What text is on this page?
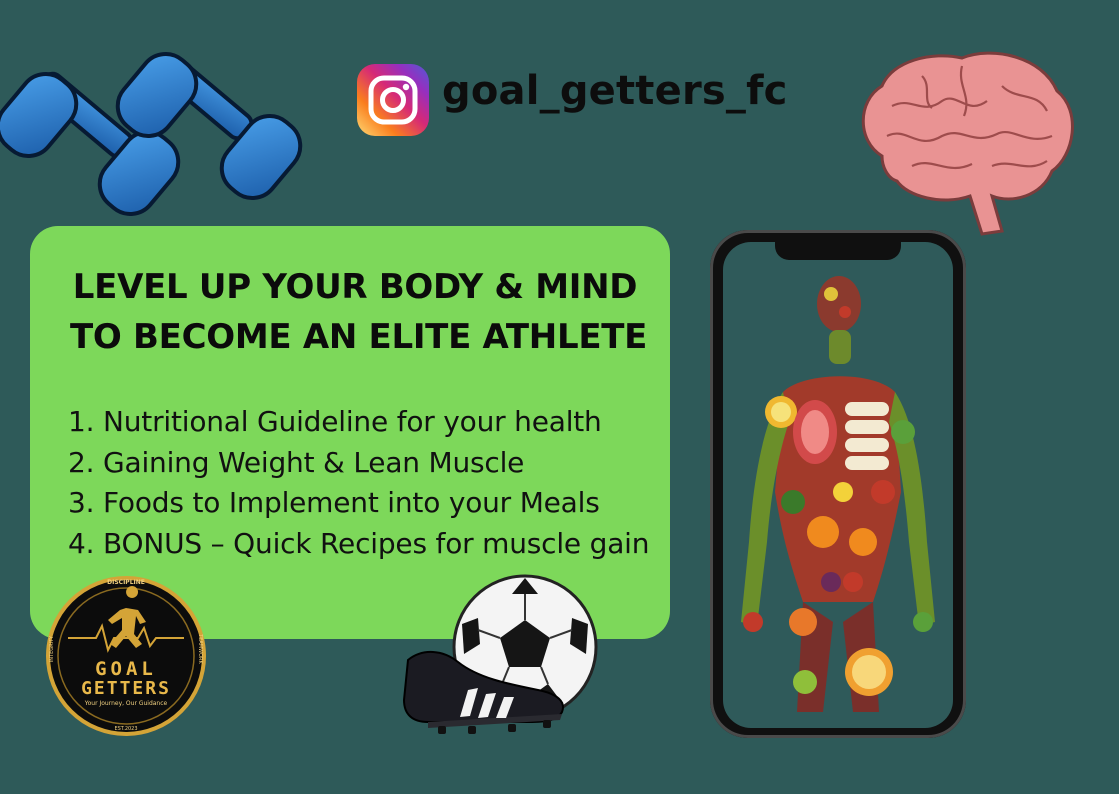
goal_getters_fc
LEVEL UP YOUR BODY & MIND
TO BECOME AN ELITE ATHLETE
1. Nutritional Guideline for your health
2. Gaining Weight & Lean Muscle
3. Foods to Implement into your Meals
4. BONUS – Quick Recipes for muscle gain
DISCIPLINE
INTEGRITY	TEAMWORK
GOAL
GETTERS
Your Journey, Our Guidance
EST.2023
